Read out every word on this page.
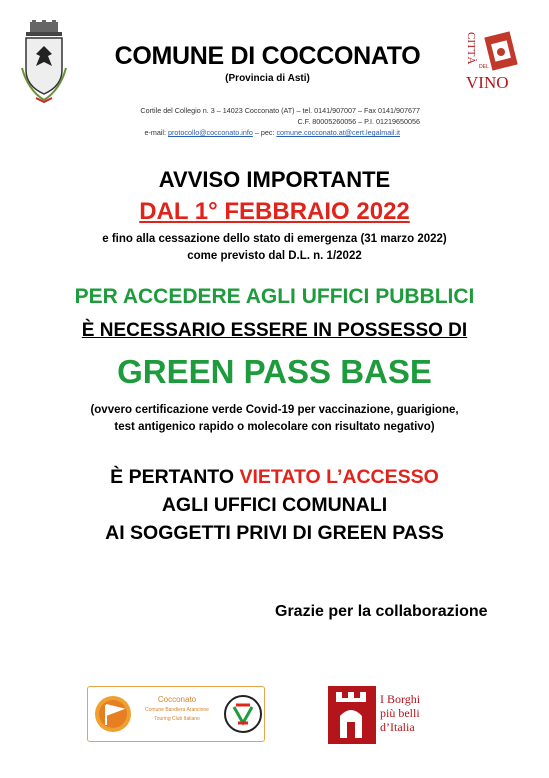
COMUNE DI COCCONATO
(Provincia di Asti)
CITTÀ
DEL
VINO
Cortile del Collegio n. 3 – 14023 Cocconato (AT) – tel. 0141/907007 – Fax 0141/907677
C.F. 80005260056 – P.I. 01219650056
e-mail: protocollo@cocconato.info – pec: comune.cocconato.at@cert.legalmail.it
AVVISO IMPORTANTE
DAL 1° FEBBRAIO 2022
e fino alla cessazione dello stato di emergenza (31 marzo 2022)
come previsto dal D.L. n. 1/2022
PER ACCEDERE AGLI UFFICI PUBBLICI
È NECESSARIO ESSERE IN POSSESSO DI
GREEN PASS BASE
(ovvero certificazione verde Covid-19 per vaccinazione, guarigione,
test antigenico rapido o molecolare con risultato negativo)
È PERTANTO VIETATO L’ACCESSO
AGLI UFFICI COMUNALI
AI SOGGETTI PRIVI DI GREEN PASS
Grazie per la collaborazione
Cocconato
Comune Bandiera Arancione
Touring Club Italiano
I Borghi
più belli
d’Italia
